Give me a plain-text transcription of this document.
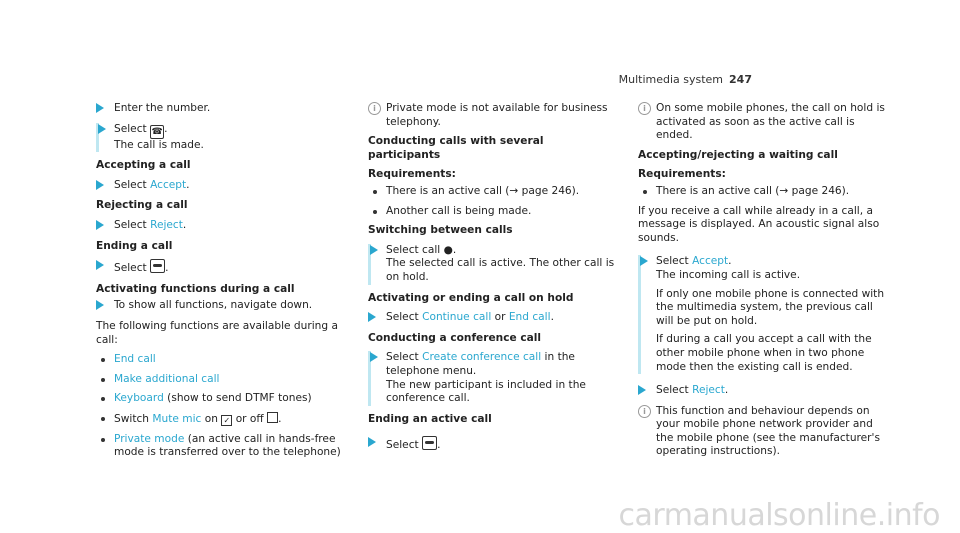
Multimedia system 247
Enter the number.
Select ☎.
The call is made.
Accepting a call
Select Accept.
Rejecting a call
Select Reject.
Ending a call
Select .
Activating functions during a call
To show all functions, navigate down.
The following functions are available during a call:
End call
Make additional call
Keyboard (show to send DTMF tones)
Switch Mute mic on ✓ or off .
Private mode (an active call in hands-free mode is transferred over to the telephone)
i Private mode is not available for business telephony.
Conducting calls with several participants
Requirements:
There is an active call (→ page 246).
Another call is being made.
Switching between calls
Select call ●.
The selected call is active. The other call is on hold.
Activating or ending a call on hold
Select Continue call or End call.
Conducting a conference call
Select Create conference call in the telephone menu.
The new participant is included in the conference call.
Ending an active call
Select .
i On some mobile phones, the call on hold is activated as soon as the active call is ended.
Accepting/rejecting a waiting call
Requirements:
There is an active call (→ page 246).
If you receive a call while already in a call, a message is displayed. An acoustic signal also sounds.
Select Accept.
The incoming call is active.
If only one mobile phone is connected with the multimedia system, the previous call will be put on hold.
If during a call you accept a call with the other mobile phone when in two phone mode then the existing call is ended.
Select Reject.
i This function and behaviour depends on your mobile phone network provider and the mobile phone (see the manufacturer's operating instructions).
carmanualsonline.info
